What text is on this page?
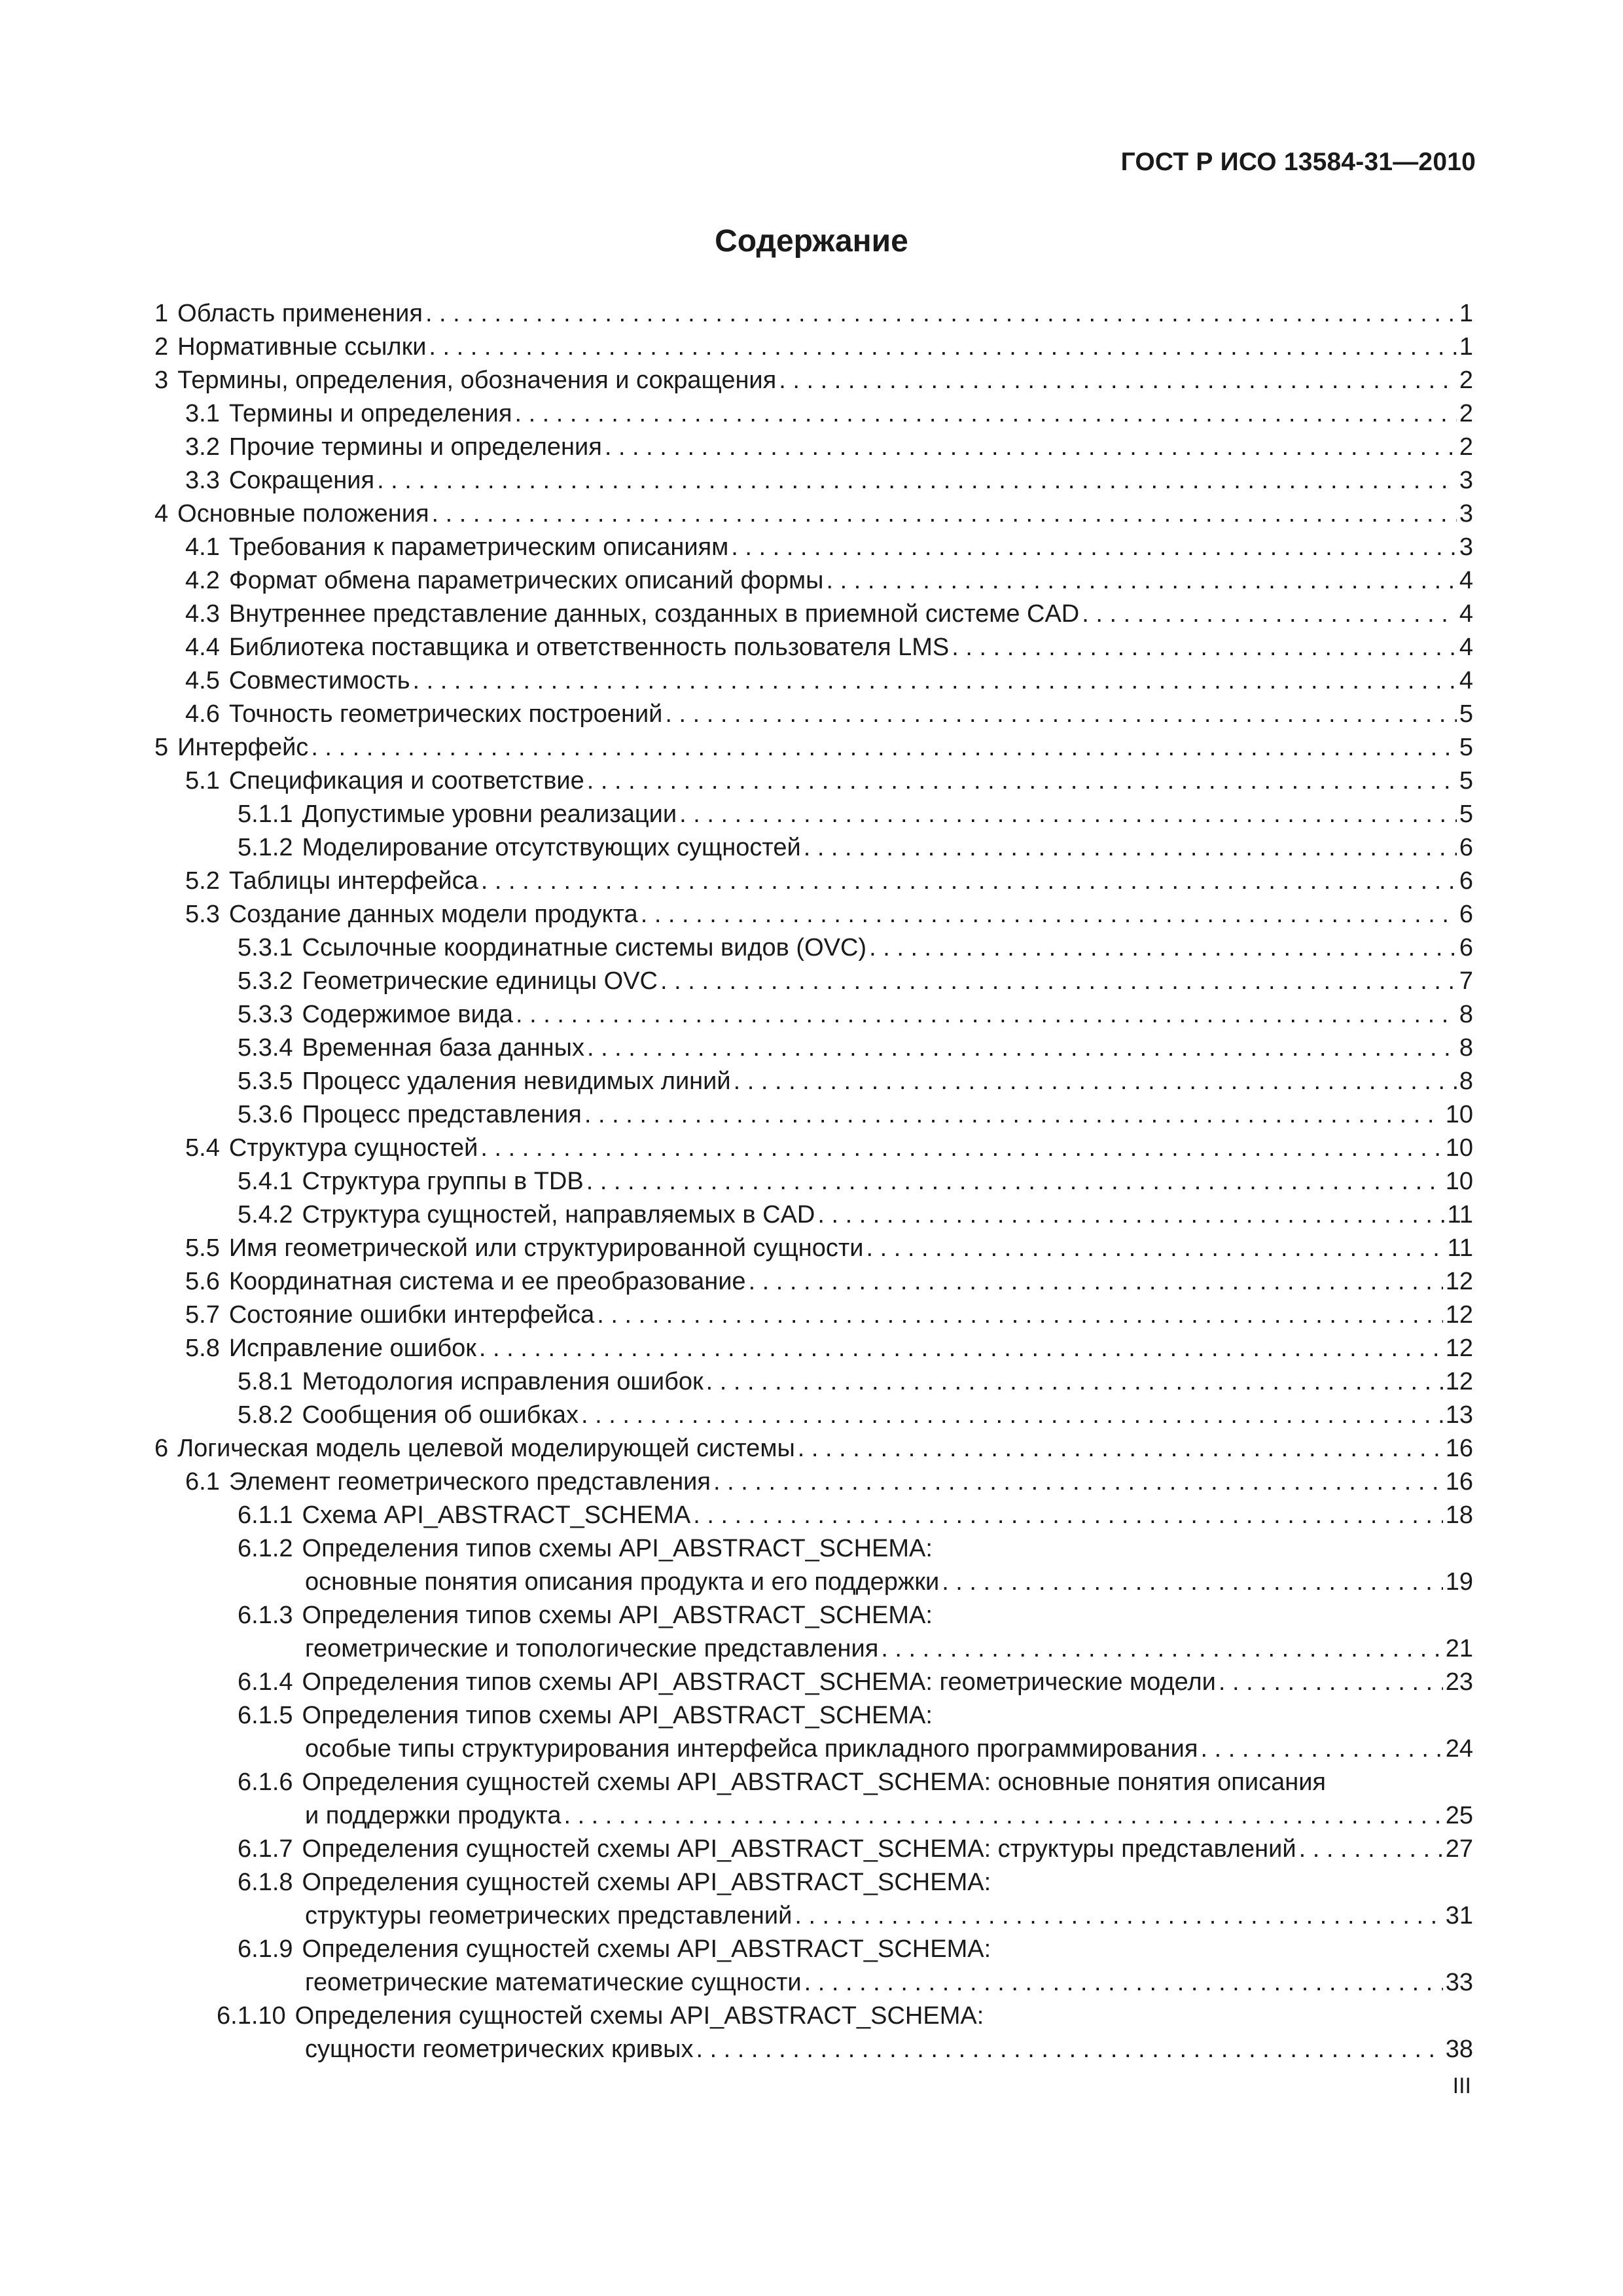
ГОСТ Р ИСО 13584-31—2010
Содержание
1 Область применения . . .	1
2 Нормативные ссылки . . .	1
3 Термины, определения, обозначения и сокращения . . .	2
3.1 Термины и определения . . .	2
3.2 Прочие термины и определения . . .	2
3.3 Сокращения . . .	3
4 Основные положения . . .	3
4.1 Требования к параметрическим описаниям . . .	3
4.2 Формат обмена параметрических описаний формы . . .	4
4.3 Внутреннее представление данных, созданных в приемной системе CAD . . .	4
4.4 Библиотека поставщика и ответственность пользователя LMS . . .	4
4.5 Совместимость . . .	4
4.6 Точность геометрических построений . . .	5
5 Интерфейс . . .	5
5.1 Спецификация и соответствие . . .	5
5.1.1 Допустимые уровни реализации . . .	5
5.1.2 Моделирование отсутствующих сущностей . . .	6
5.2 Таблицы интерфейса . . .	6
5.3 Создание данных модели продукта . . .	6
5.3.1 Ссылочные координатные системы видов (OVC) . . .	6
5.3.2 Геометрические единицы OVC . . .	7
5.3.3 Содержимое вида . . .	8
5.3.4 Временная база данных . . .	8
5.3.5 Процесс удаления невидимых линий . . .	8
5.3.6 Процесс представления . . .	10
5.4 Структура сущностей . . .	10
5.4.1 Структура группы в TDB . . .	10
5.4.2 Структура сущностей, направляемых в CAD . . .	11
5.5 Имя геометрической или структурированной сущности . . .	11
5.6 Координатная система и ее преобразование . . .	12
5.7 Состояние ошибки интерфейса . . .	12
5.8 Исправление ошибок . . .	12
5.8.1 Методология исправления ошибок . . .	12
5.8.2 Сообщения об ошибках . . .	13
6 Логическая модель целевой моделирующей системы . . .	16
6.1 Элемент геометрического представления . . .	16
6.1.1 Схема API_ABSTRACT_SCHEMA . . .	18
6.1.2 Определения типов схемы API_ABSTRACT_SCHEMA:
основные понятия описания продукта и его поддержки . . .	19
6.1.3 Определения типов схемы API_ABSTRACT_SCHEMA:
геометрические и топологические представления . . .	21
6.1.4 Определения типов схемы API_ABSTRACT_SCHEMA: геометрические модели . . .	23
6.1.5 Определения типов схемы API_ABSTRACT_SCHEMA:
особые типы структурирования интерфейса прикладного программирования . . .	24
6.1.6 Определения сущностей схемы API_ABSTRACT_SCHEMA: основные понятия описания
и поддержки продукта . . .	25
6.1.7 Определения сущностей схемы API_ABSTRACT_SCHEMA: структуры представлений . . .	27
6.1.8 Определения сущностей схемы API_ABSTRACT_SCHEMA:
структуры геометрических представлений . . .	31
6.1.9 Определения сущностей схемы API_ABSTRACT_SCHEMA:
геометрические математические сущности . . .	33
6.1.10 Определения сущностей схемы API_ABSTRACT_SCHEMA:
сущности геометрических кривых . . .	38
III
